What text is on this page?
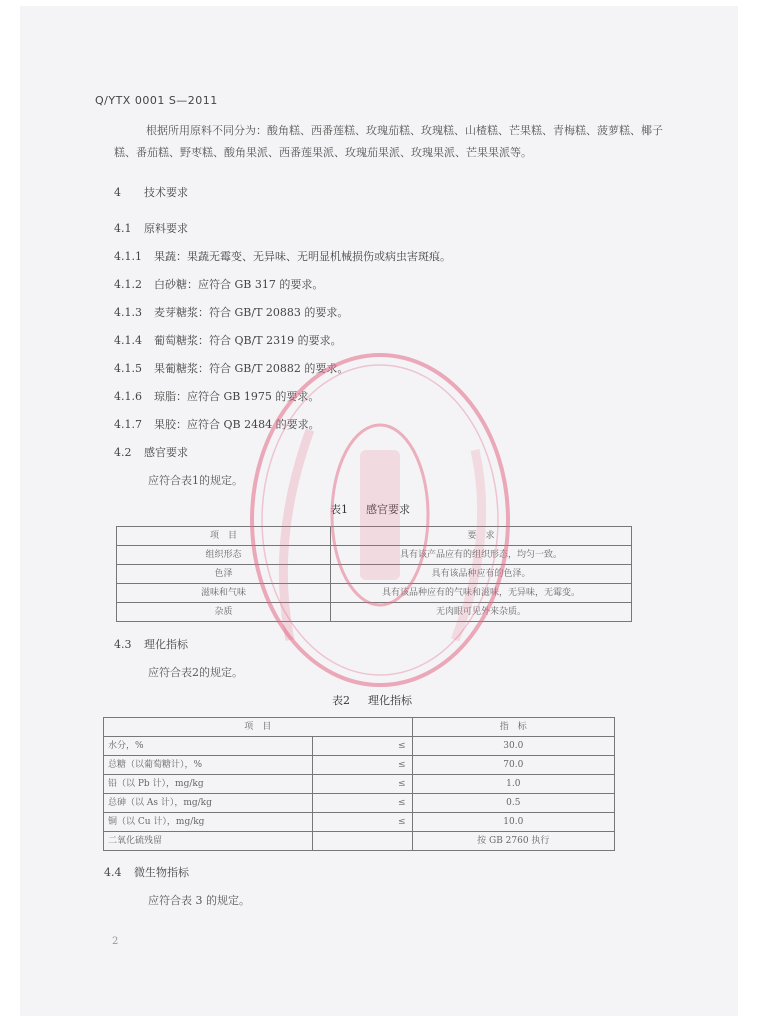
Q/YTX 0001 S—2011
根据所用原料不同分为：酸角糕、西番莲糕、玫瑰茄糕、玫瑰糕、山楂糕、芒果糕、青梅糕、菠萝糕、椰子糕、番茄糕、野枣糕、酸角果派、西番莲果派、玫瑰茄果派、玫瑰果派、芒果果派等。
4 技术要求
4.1 原料要求
4.1.1 果蔬：果蔬无霉变、无异味、无明显机械损伤或病虫害斑痕。
4.1.2 白砂糖：应符合 GB 317 的要求。
4.1.3 麦芽糖浆：符合 GB/T 20883 的要求。
4.1.4 葡萄糖浆：符合 QB/T 2319 的要求。
4.1.5 果葡糖浆：符合 GB/T 20882 的要求。
4.1.6 琼脂：应符合 GB 1975 的要求。
4.1.7 果胶：应符合 QB 2484 的要求。
4.2 感官要求
应符合表1的规定。
表1 感官要求
项　目	要　求
组织形态	具有该产品应有的组织形态，均匀一致。
色泽	具有该品种应有的色泽。
滋味和气味	具有该品种应有的气味和滋味，无异味，无霉变。
杂质	无肉眼可见外来杂质。
4.3 理化指标
应符合表2的规定。
表2 理化指标
项　目		指　标
水分，%	≤	30.0
总糖（以葡萄糖计），%	≤	70.0
铅（以 Pb 计），mg/kg	≤	1.0
总砷（以 As 计），mg/kg	≤	0.5
铜（以 Cu 计），mg/kg	≤	10.0
二氧化硫残留		按 GB 2760 执行
4.4 微生物指标
应符合表 3 的规定。
2
